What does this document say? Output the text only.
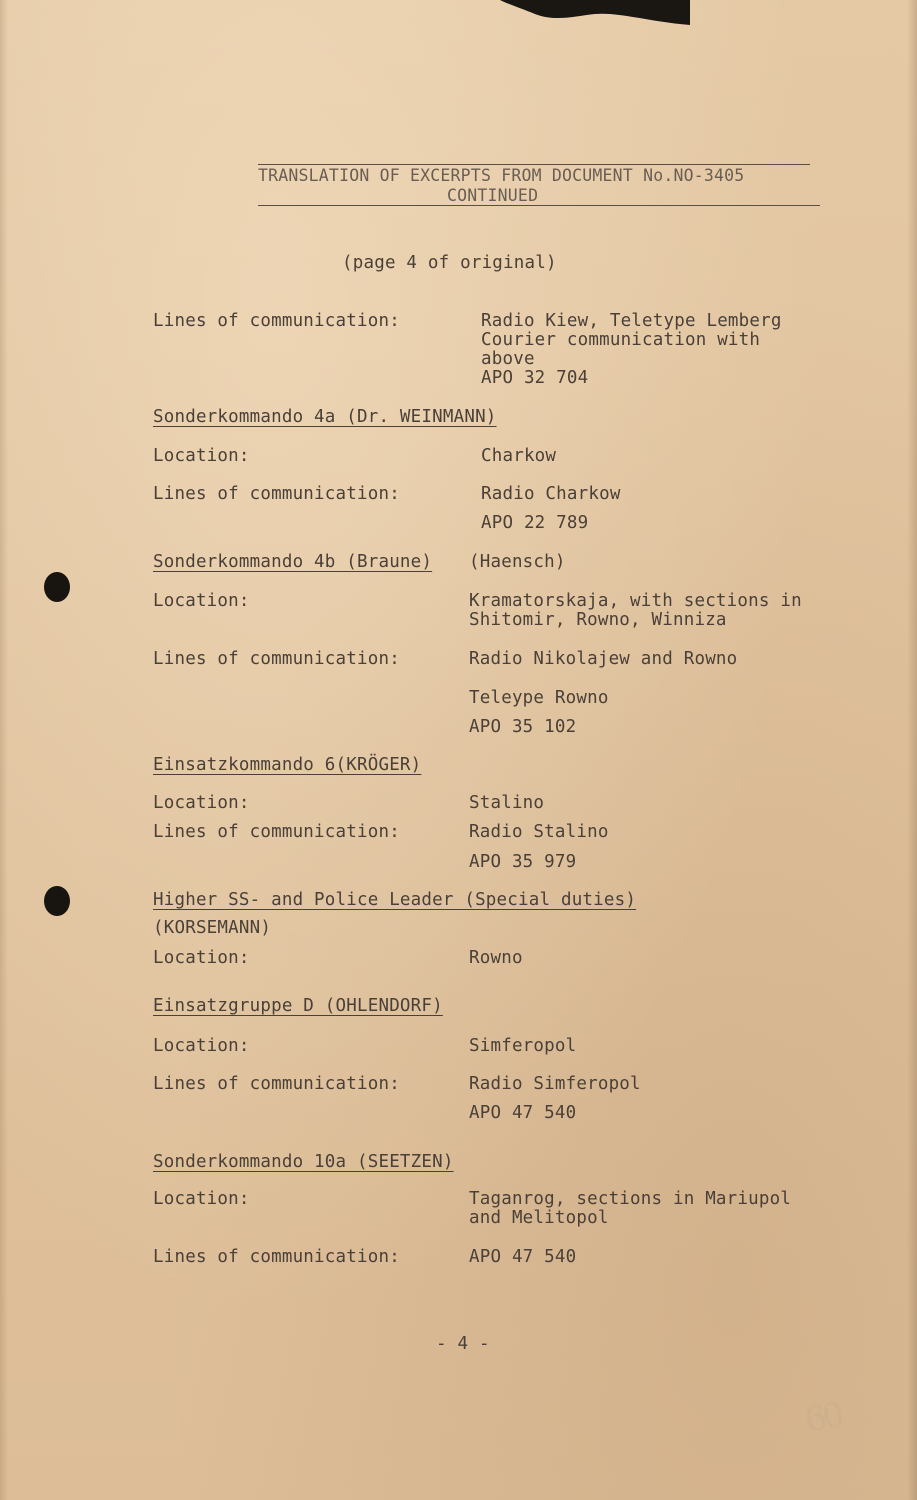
TRANSLATION OF EXCERPTS FROM DOCUMENT No.NO-3405
CONTINUED
(page 4 of original)
Lines of communication:	Radio Kiew, Teletype Lemberg
Courier communication with
above
APO 32 704
Sonderkommando 4a (Dr. WEINMANN)
Location:	Charkow
Lines of communication:	Radio Charkow
APO 22 789
Sonderkommando 4b (Braune) (Haensch)
Location:	Kramatorskaja, with sections in
Shitomir, Rowno, Winniza
Lines of communication:	Radio Nikolajew and Rowno
Teleype Rowno
APO 35 102
Einsatzkommando 6(KRÖGER)
Location:	Stalino
Lines of communication:	Radio Stalino
APO 35 979
Higher SS- and Police Leader (Special duties)
(KORSEMANN)
Location:	Rowno
Einsatzgruppe D (OHLENDORF)
Location:	Simferopol
Lines of communication:	Radio Simferopol
APO 47 540
Sonderkommando 10a (SEETZEN)
Location:	Taganrog, sections in Mariupol
and Melitopol
Lines of communication:	APO 47 540
- 4 -
60
